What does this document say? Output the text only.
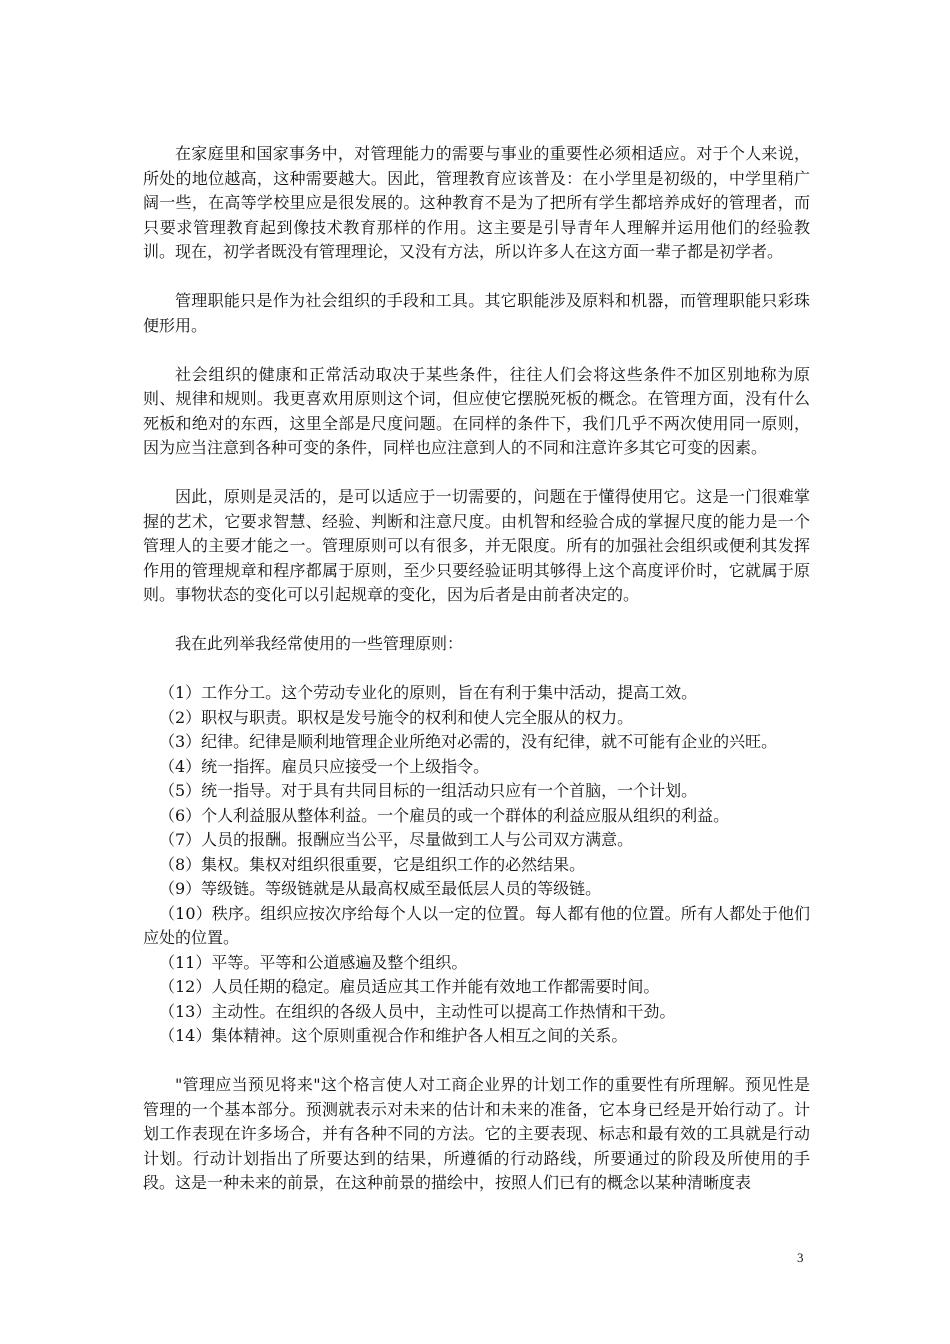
在家庭里和国家事务中，对管理能力的需要与事业的重要性必须相适应。对于个人来说，所处的地位越高，这种需要越大。因此，管理教育应该普及：在小学里是初级的，中学里稍广阔一些，在高等学校里应是很发展的。这种教育不是为了把所有学生都培养成好的管理者，而只要求管理教育起到像技术教育那样的作用。这主要是引导青年人理解并运用他们的经验教训。现在，初学者既没有管理理论，又没有方法，所以许多人在这方面一辈子都是初学者。

管理职能只是作为社会组织的手段和工具。其它职能涉及原料和机器，而管理职能只彩珠便形用。

社会组织的健康和正常活动取决于某些条件，往往人们会将这些条件不加区别地称为原则、规律和规则。我更喜欢用原则这个词，但应使它摆脱死板的概念。在管理方面，没有什么死板和绝对的东西，这里全部是尺度问题。在同样的条件下，我们几乎不两次使用同一原则，因为应当注意到各种可变的条件，同样也应注意到人的不同和注意许多其它可变的因素。

因此，原则是灵活的，是可以适应于一切需要的，问题在于懂得使用它。这是一门很难掌握的艺术，它要求智慧、经验、判断和注意尺度。由机智和经验合成的掌握尺度的能力是一个管理人的主要才能之一。管理原则可以有很多，并无限度。所有的加强社会组织或便利其发挥作用的管理规章和程序都属于原则，至少只要经验证明其够得上这个高度评价时，它就属于原则。事物状态的变化可以引起规章的变化，因为后者是由前者决定的。

我在此列举我经常使用的一些管理原则：

（1）工作分工。这个劳动专业化的原则，旨在有利于集中活动，提高工效。

（2）职权与职责。职权是发号施令的权利和使人完全服从的权力。

（3）纪律。纪律是顺利地管理企业所绝对必需的，没有纪律，就不可能有企业的兴旺。

（4）统一指挥。雇员只应接受一个上级指令。

（5）统一指导。对于具有共同目标的一组活动只应有一个首脑，一个计划。

（6）个人利益服从整体利益。一个雇员的或一个群体的利益应服从组织的利益。

（7）人员的报酬。报酬应当公平，尽量做到工人与公司双方满意。

（8）集权。集权对组织很重要，它是组织工作的必然结果。

（9）等级链。等级链就是从最高权威至最低层人员的等级链。

（10）秩序。组织应按次序给每个人以一定的位置。每人都有他的位置。所有人都处于他们应处的位置。

（11）平等。平等和公道感遍及整个组织。

（12）人员任期的稳定。雇员适应其工作并能有效地工作都需要时间。

（13）主动性。在组织的各级人员中，主动性可以提高工作热情和干劲。

（14）集体精神。这个原则重视合作和维护各人相互之间的关系。

"管理应当预见将来"这个格言使人对工商企业界的计划工作的重要性有所理解。预见性是管理的一个基本部分。预测就表示对未来的估计和未来的准备，它本身已经是开始行动了。计划工作表现在许多场合，并有各种不同的方法。它的主要表现、标志和最有效的工具就是行动计划。行动计划指出了所要达到的结果，所遵循的行动路线，所要通过的阶段及所使用的手段。这是一种未来的前景，在这种前景的描绘中，按照人们已有的概念以某种清晰度表

3
